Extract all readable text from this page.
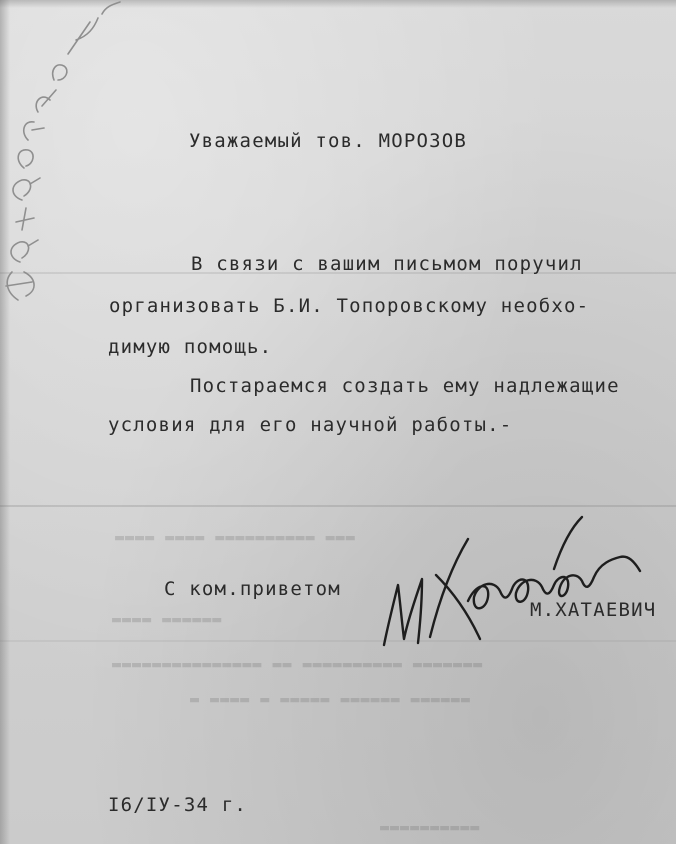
▬▬▬▬ ▬▬▬▬ ▬▬▬▬▬▬▬▬▬▬ ▬▬▬
▬▬▬▬ ▬▬▬▬▬▬
▬▬▬▬▬▬▬▬▬▬▬▬▬▬▬ ▬▬ ▬▬▬▬▬▬▬▬▬▬ ▬▬▬▬▬▬▬
▬ ▬▬▬▬ ▬ ▬▬▬▬▬ ▬▬▬▬▬▬ ▬▬▬▬▬▬
▬▬▬▬▬▬▬▬▬▬
Уважаемый тов. МОРОЗОВ
В связи с вашим письмом поручил
организовать Б.И. Топоровскому необхо-
димую помощь.
Постараемся создать ему надлежащие
условия для его научной работы.-
С ком.приветом
М.ХАТАЕВИЧ
I6/IУ-34 г.
